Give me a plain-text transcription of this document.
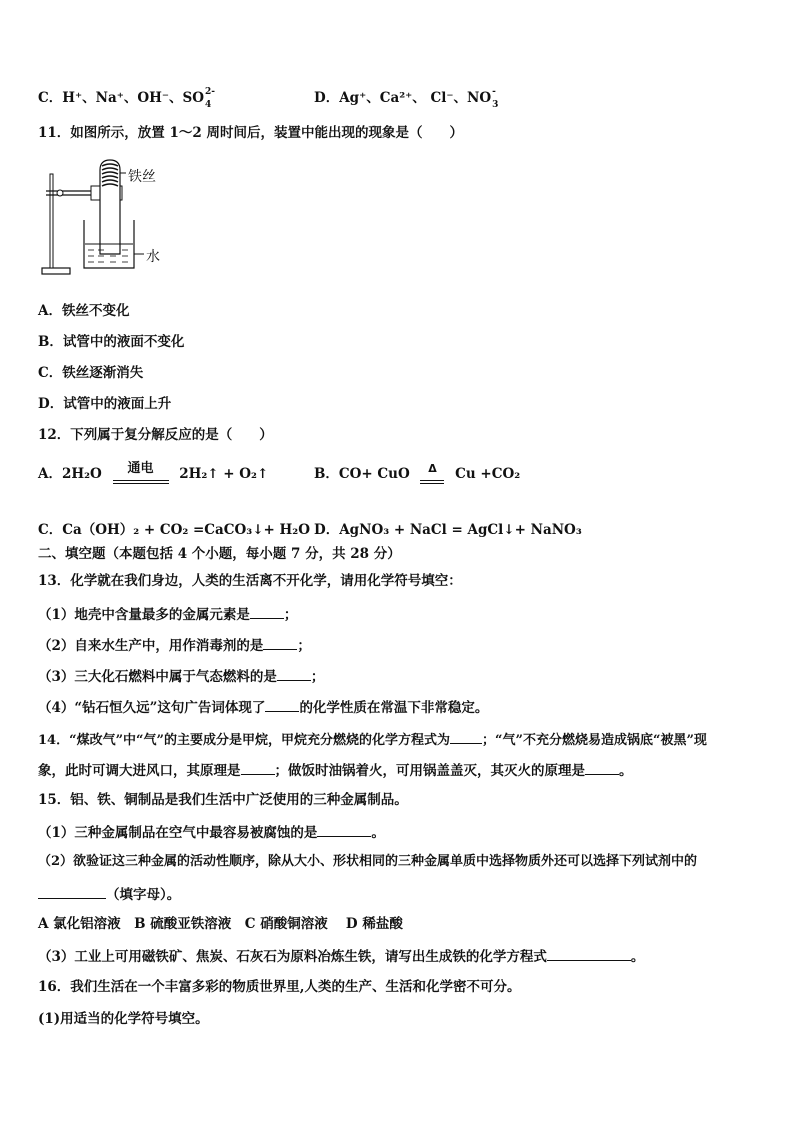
C．H⁺、Na⁺、OH⁻、SO 2-
4
	D．Ag⁺、Ca²⁺、 Cl⁻、NO -
3

11．如图所示，放置 1～2 周时间后，装置中能出现的现象是（　　）
铁丝
水
A．铁丝不变化
B．试管中的液面不变化
C．铁丝逐渐消失
D．试管中的液面上升
12．下列属于复分解反应的是（　　）
A．2H₂O	通电	2H₂↑ + O₂↑	B．CO+ CuO	Δ	Cu +CO₂
C．Ca（OH）₂ + CO₂ =CaCO₃↓+ H₂O D．AgNO₃ + NaCl = AgCl↓+ NaNO₃
二、填空题（本题包括 4 个小题，每小题 7 分，共 28 分）
13．化学就在我们身边，人类的生活离不开化学，请用化学符号填空：
（1）地壳中含量最多的金属元素是	；
（2）自来水生产中，用作消毒剂的是	；
（3）三大化石燃料中属于气态燃料的是	；
（4）“钻石恒久远”这句广告词体现了	的化学性质在常温下非常稳定。
14．“煤改气”中“气”的主要成分是甲烷，甲烷充分燃烧的化学方程式为 ；“气”不充分燃烧易造成锅底“被黑”现
象，此时可调大进风口，其原理是	；做饭时油锅着火，可用锅盖盖灭，其灭火的原理是	。
15．铝、铁、铜制品是我们生活中广泛使用的三种金属制品。
（1）三种金属制品在空气中最容易被腐蚀的是	。
（2）欲验证这三种金属的活动性顺序，除从大小、形状相同的三种金属单质中选择物质外还可以选择下列试剂中的
（填字母）。
A 氯化铝溶液　B 硫酸亚铁溶液　C 硝酸铜溶液　 D 稀盐酸
（3）工业上可用磁铁矿、焦炭、石灰石为原料冶炼生铁，请写出生成铁的化学方程式	。
16．我们生活在一个丰富多彩的物质世界里,人类的生产、生活和化学密不可分。
(1)用适当的化学符号填空。
